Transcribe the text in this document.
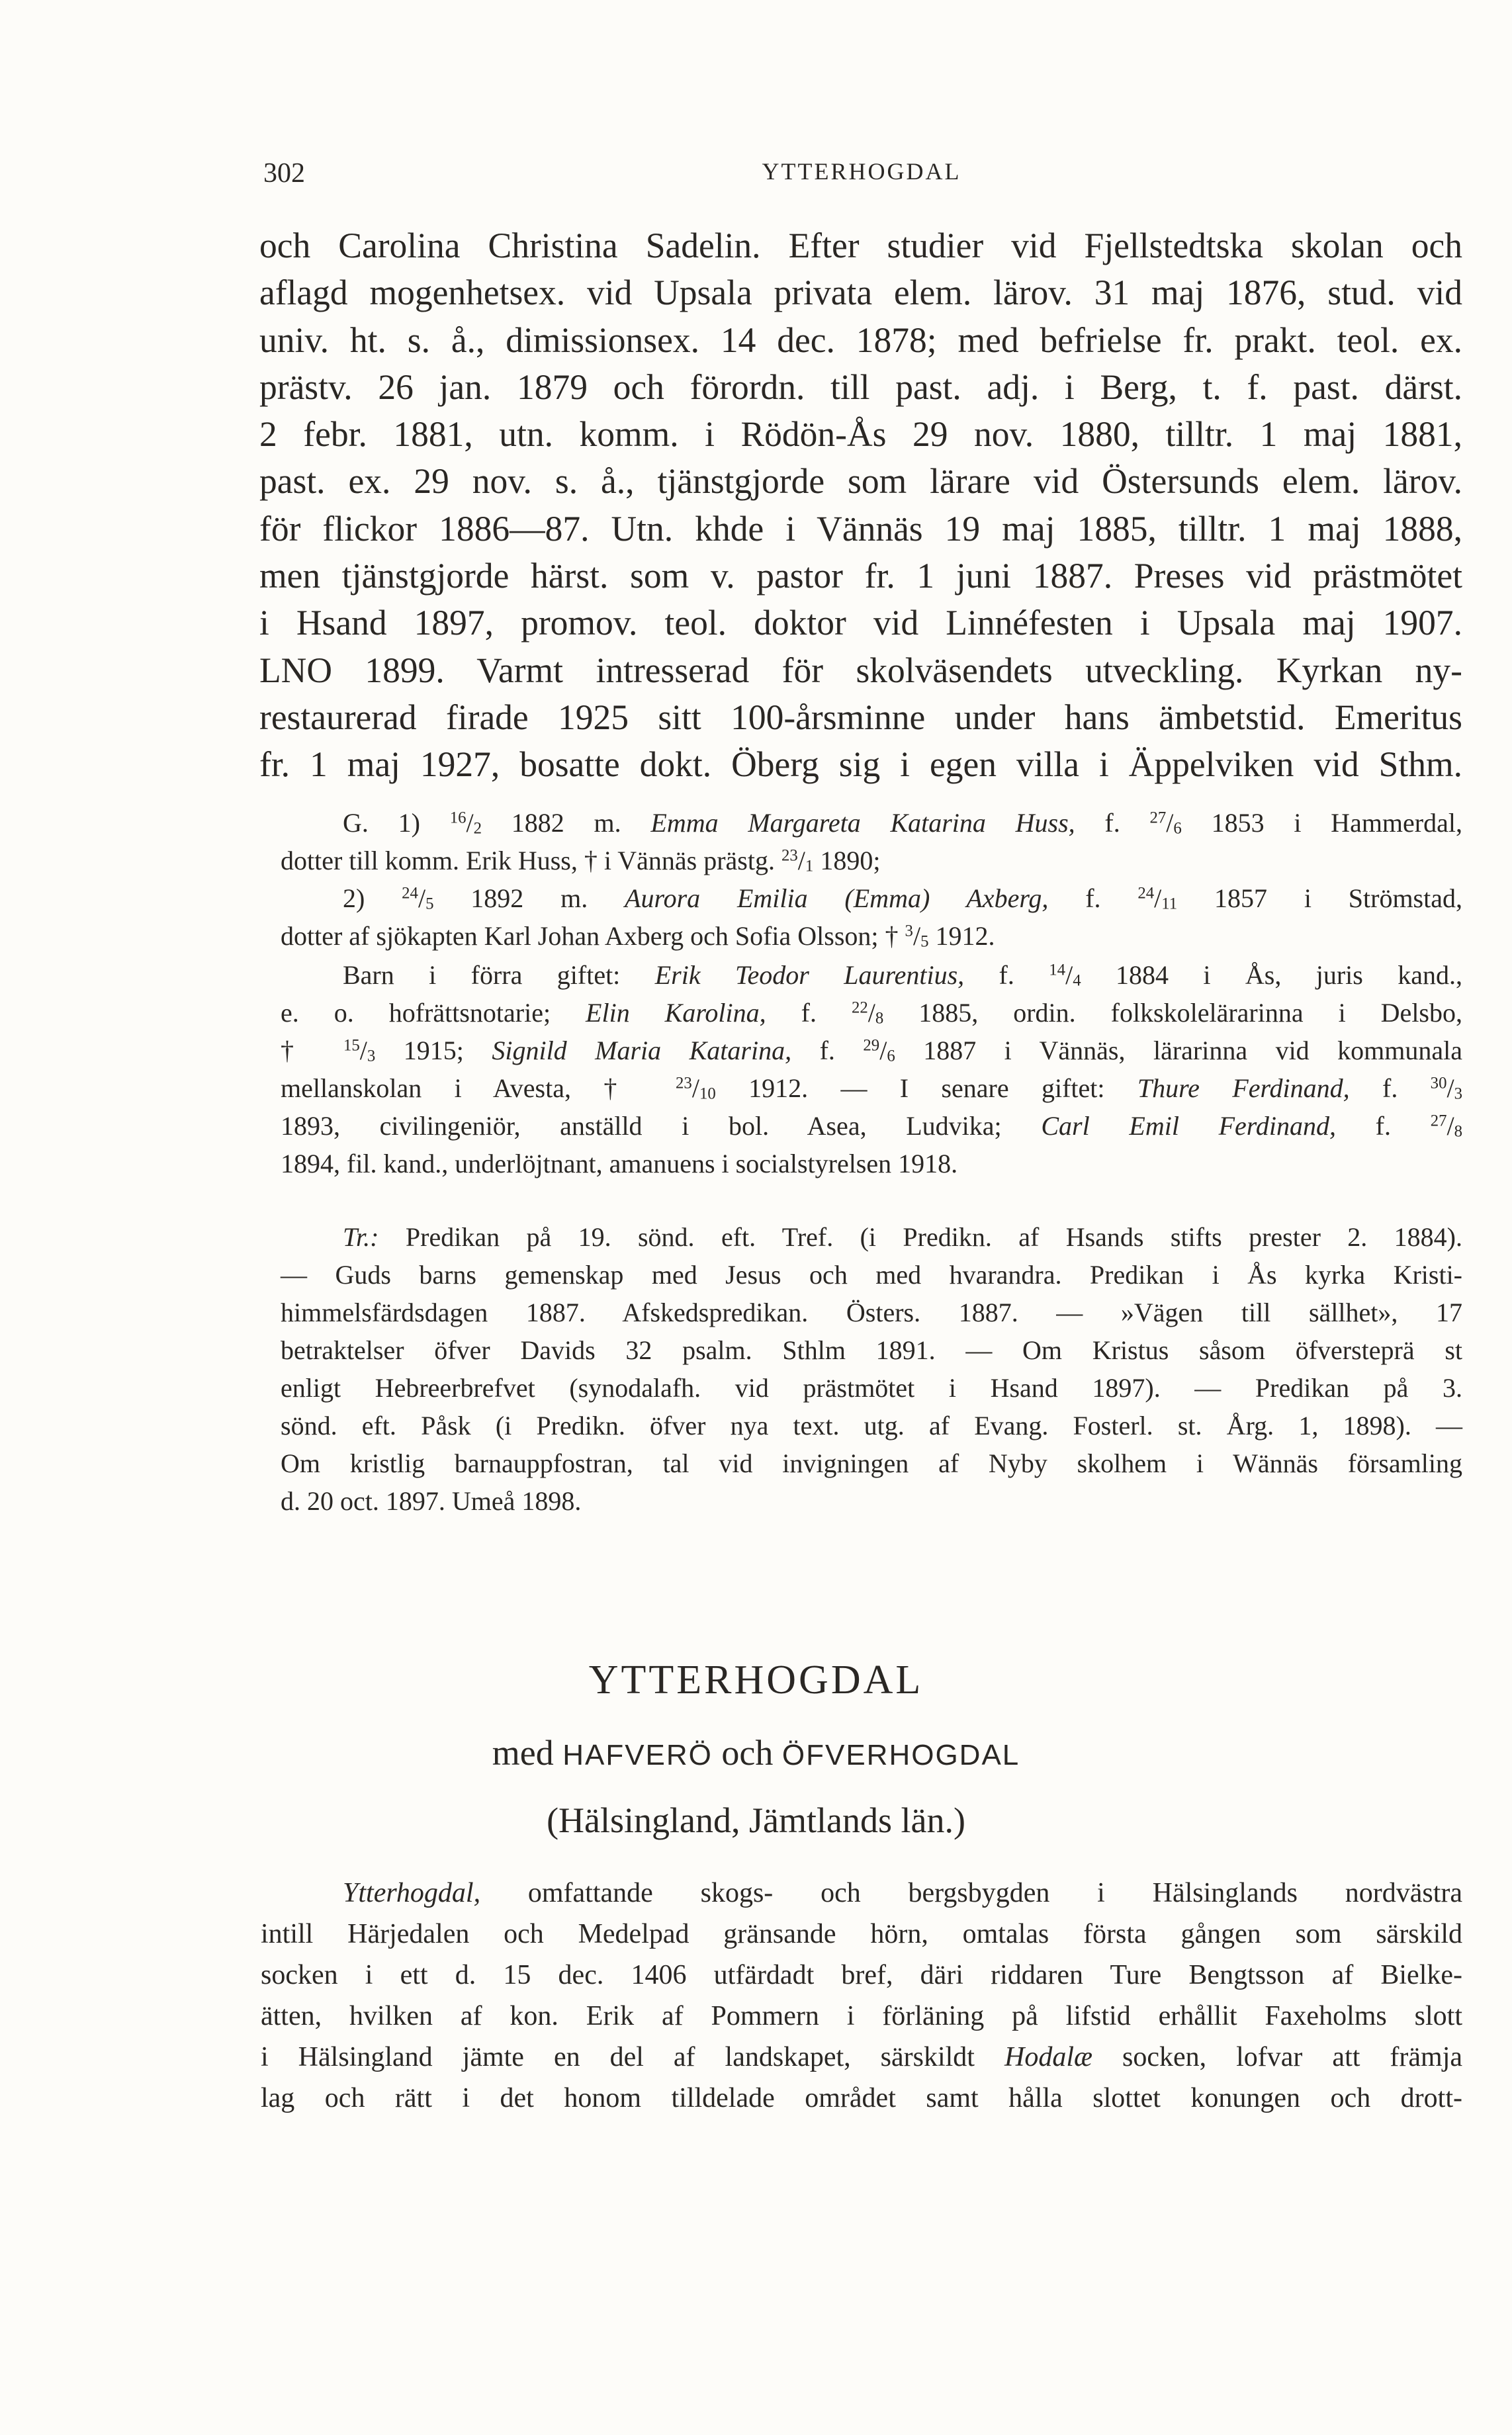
302	YTTERHOGDAL
och Carolina Christina Sadelin. Efter studier vid Fjellstedtska skolan och
aflagd mogenhetsex. vid Upsala privata elem. lärov. 31 maj 1876, stud. vid
univ. ht. s. å., dimissionsex. 14 dec. 1878; med befrielse fr. prakt. teol. ex.
prästv. 26 jan. 1879 och förordn. till past. adj. i Berg, t. f. past. därst.
2 febr. 1881, utn. komm. i Rödön-Ås 29 nov. 1880, tilltr. 1 maj 1881,
past. ex. 29 nov. s. å., tjänstgjorde som lärare vid Östersunds elem. lärov.
för flickor 1886—87. Utn. khde i Vännäs 19 maj 1885, tilltr. 1 maj 1888,
men tjänstgjorde härst. som v. pastor fr. 1 juni 1887. Preses vid prästmötet
i Hsand 1897, promov. teol. doktor vid Linnéfesten i Upsala maj 1907.
LNO 1899. Varmt intresserad för skolväsendets utveckling. Kyrkan ny-
restaurerad firade 1925 sitt 100-årsminne under hans ämbetstid. Emeritus
fr. 1 maj 1927, bosatte dokt. Öberg sig i egen villa i Äppelviken vid Sthm.
G. 1) $^{16}/_2$ 1882 m. Emma Margareta Katarina Huss, f. $^{27}/_6$ 1853 i Hammerdal,
dotter till komm. Erik Huss, † i Vännäs prästg. $^{23}/_1$ 1890;
2) $^{24}/_5$ 1892 m. Aurora Emilia (Emma) Axberg, f. $^{24}/_{11}$ 1857 i Strömstad,
dotter af sjökapten Karl Johan Axberg och Sofia Olsson; † $^3/_5$ 1912.
Barn i förra giftet: Erik Teodor Laurentius, f. $^{14}/_4$ 1884 i Ås, juris kand.,
e. o. hofrättsnotarie; Elin Karolina, f. $^{22}/_8$ 1885, ordin. folkskolelärarinna i Delsbo,
† $^{15}/_3$ 1915; Signild Maria Katarina, f. $^{29}/_6$ 1887 i Vännäs, lärarinna vid kommunala
mellanskolan i Avesta, † $^{23}/_{10}$ 1912. — I senare giftet: Thure Ferdinand, f. $^{30}/_3$
1893, civilingeniör, anställd i bol. Asea, Ludvika; Carl Emil Ferdinand, f. $^{27}/_8$
1894, fil. kand., underlöjtnant, amanuens i socialstyrelsen 1918.
Tr.: Predikan på 19. sönd. eft. Tref. (i Predikn. af Hsands stifts prester 2. 1884).
— Guds barns gemenskap med Jesus och med hvarandra. Predikan i Ås kyrka Kristi-
himmelsfärdsdagen 1887. Afskedspredikan. Östers. 1887. — »Vägen till sällhet», 17
betraktelser öfver Davids 32 psalm. Sthlm 1891. — Om Kristus såsom öfversteprä st
enligt Hebreerbrefvet (synodalafh. vid prästmötet i Hsand 1897). — Predikan på 3.
sönd. eft. Påsk (i Predikn. öfver nya text. utg. af Evang. Fosterl. st. Årg. 1, 1898). —
Om kristlig barnauppfostran, tal vid invigningen af Nyby skolhem i Wännäs församling
d. 20 oct. 1897. Umeå 1898.
YTTERHOGDAL
med HAFVERÖ och ÖFVERHOGDAL
(Hälsingland, Jämtlands län.)
Ytterhogdal, omfattande skogs- och bergsbygden i Hälsinglands nordvästra
intill Härjedalen och Medelpad gränsande hörn, omtalas första gången som särskild
socken i ett d. 15 dec. 1406 utfärdadt bref, däri riddaren Ture Bengtsson af Bielke-
ätten, hvilken af kon. Erik af Pommern i förläning på lifstid erhållit Faxeholms slott
i Hälsingland jämte en del af landskapet, särskildt Hodalæ socken, lofvar att främja
lag och rätt i det honom tilldelade området samt hålla slottet konungen och drott-
